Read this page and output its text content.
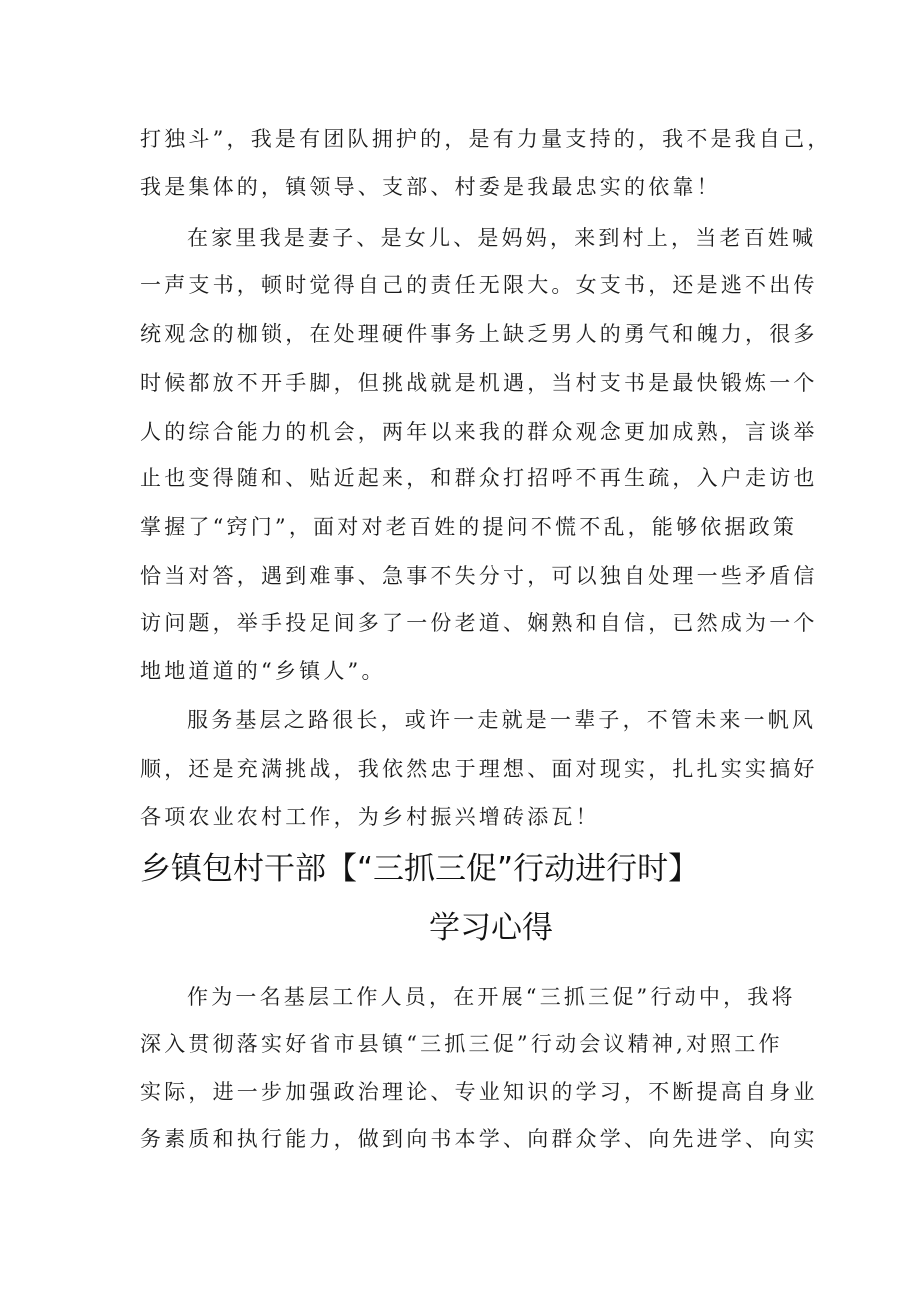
打独斗”，我是有团队拥护的，是有力量支持的，我不是我自己，
我是集体的，镇领导、支部、村委是我最忠实的依靠！
在家里我是妻子、是女儿、是妈妈，来到村上，当老百姓喊
一声支书，顿时觉得自己的责任无限大。女支书，还是逃不出传
统观念的枷锁，在处理硬件事务上缺乏男人的勇气和魄力，很多
时候都放不开手脚，但挑战就是机遇，当村支书是最快锻炼一个
人的综合能力的机会，两年以来我的群众观念更加成熟，言谈举
止也变得随和、贴近起来，和群众打招呼不再生疏，入户走访也
掌握了“窍门”，面对对老百姓的提问不慌不乱，能够依据政策
恰当对答，遇到难事、急事不失分寸，可以独自处理一些矛盾信
访问题，举手投足间多了一份老道、娴熟和自信，已然成为一个
地地道道的“乡镇人”。
服务基层之路很长，或许一走就是一辈子，不管未来一帆风
顺，还是充满挑战，我依然忠于理想、面对现实，扎扎实实搞好
各项农业农村工作，为乡村振兴增砖添瓦！
乡镇包村干部【“三抓三促”行动进行时】
学习心得
作为一名基层工作人员，在开展“三抓三促”行动中，我将
深入贯彻落实好省市县镇“三抓三促”行动会议精神,对照工作
实际，进一步加强政治理论、专业知识的学习，不断提高自身业
务素质和执行能力，做到向书本学、向群众学、向先进学、向实
